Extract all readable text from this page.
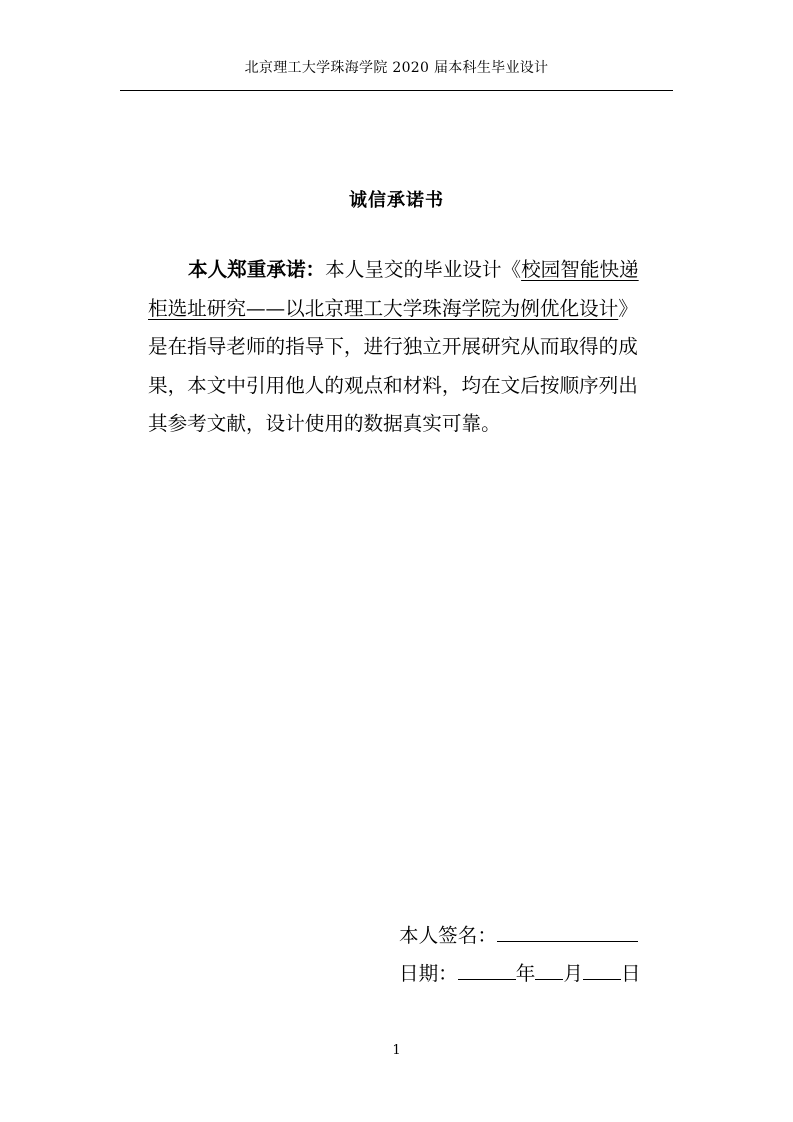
北京理工大学珠海学院 2020 届本科生毕业设计
诚信承诺书

本人郑重承诺：本人呈交的毕业设计《校园智能快递柜选址研究——以北京理工大学珠海学院为例优化设计》是在指导老师的指导下，进行独立开展研究从而取得的成果，本文中引用他人的观点和材料，均在文后按顺序列出其参考文献，设计使用的数据真实可靠。

本人签名：
日期：	年 月 日
1
